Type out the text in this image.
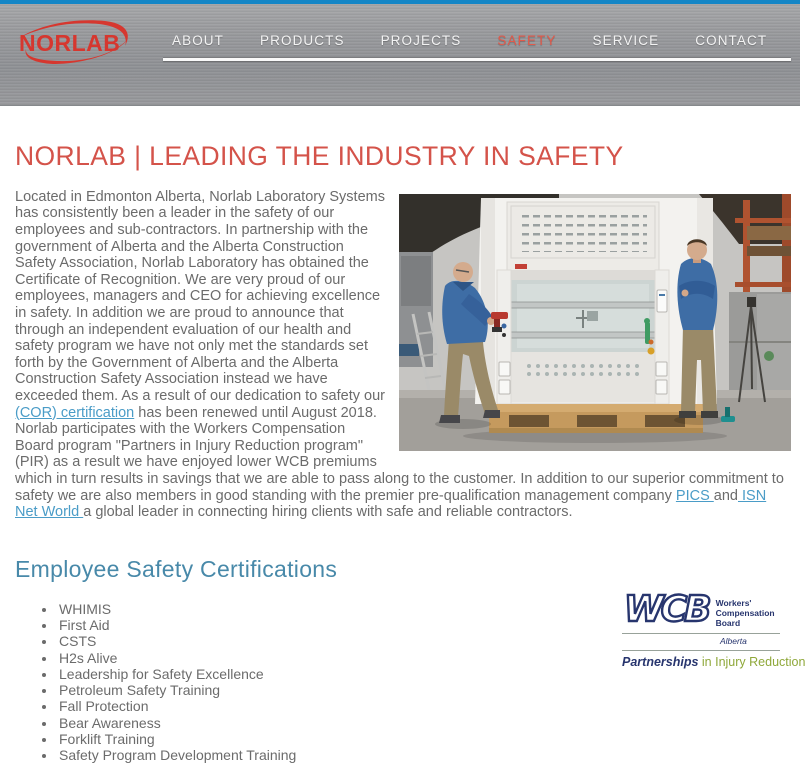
NORLAB	ABOUT	PRODUCTS	PROJECTS	SAFETY	SERVICE	CONTACT
NORLAB | LEADING THE INDUSTRY IN SAFETY
Located in Edmonton Alberta, Norlab Laboratory Systems has consistently been a leader in the safety of our employees and sub-contractors. In partnership with the government of Alberta and the Alberta Construction Safety Association, Norlab Laboratory has obtained the Certificate of Recognition. We are very proud of our employees, managers and CEO for achieving excellence in safety. In addition we are proud to announce that through an independent evaluation of our health and safety program we have not only met the standards set forth by the Government of Alberta and the Alberta Construction Safety Association instead we have exceeded them. As a result of our dedication to safety our (COR) certification has been renewed until August 2018. Norlab participates with the Workers Compensation Board program "Partners in Injury Reduction program" (PIR) as a result we have enjoyed lower WCB premiums which in turn results in savings that we are able to pass along to the customer. In addition to our superior commitment to safety we are also members in good standing with the premier pre-qualification management company PICS and ISN Net World a global leader in connecting hiring clients with safe and reliable contractors.
Employee Safety Certifications
• WHIMIS
• First Aid
• CSTS
• H2s Alive
• Leadership for Safety Excellence
• Petroleum Safety Training
• Fall Protection
• Bear Awareness
• Forklift Training
• Safety Program Development Training
WCB Workers'
Compensation
Board
Alberta
Partnerships in Injury Reduction
